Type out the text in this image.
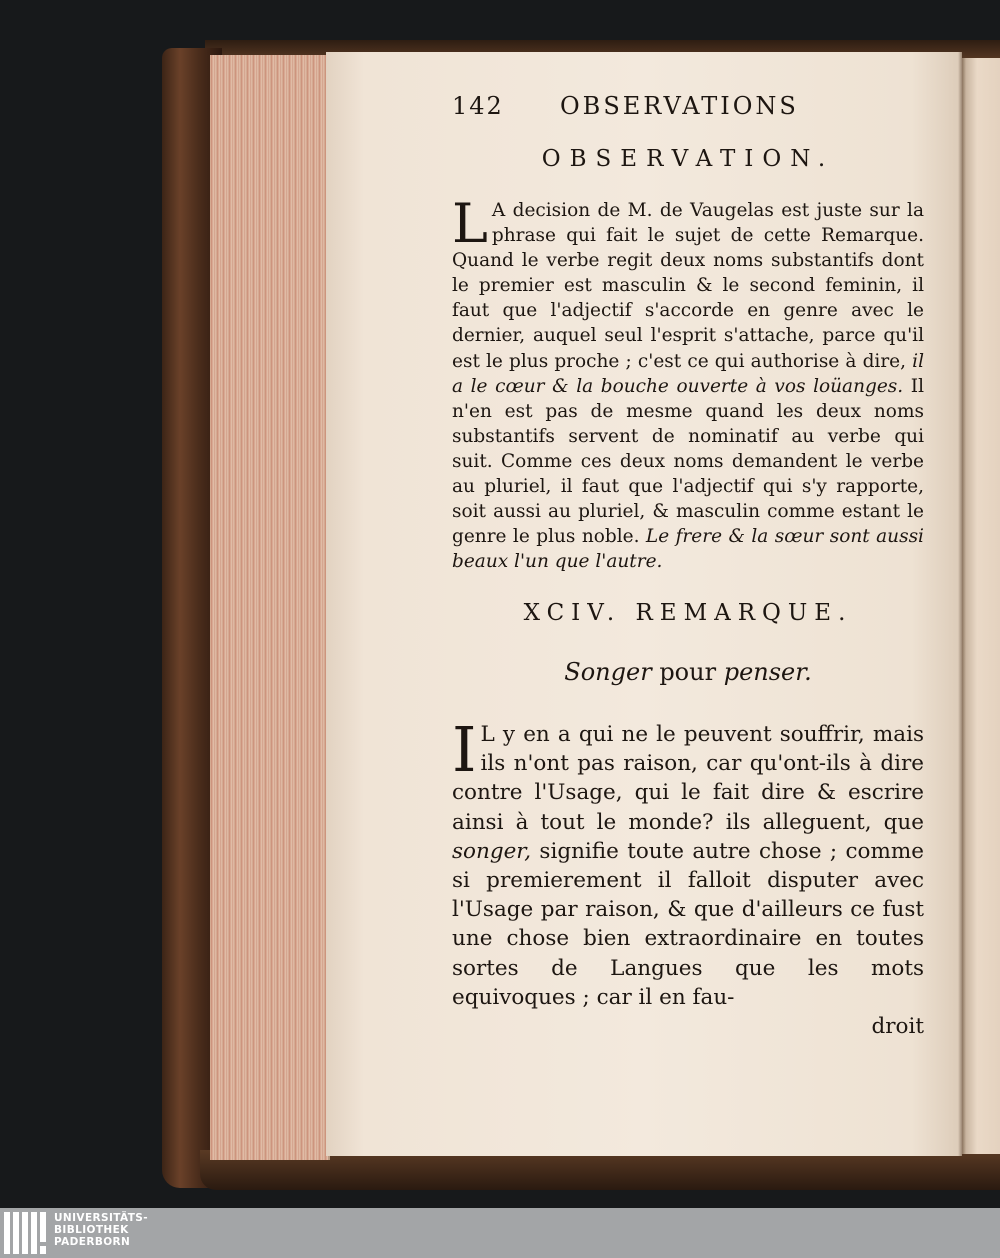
142 OBSERVATIONS
OBSERVATION.
L A decision de M. de Vaugelas est juste sur la phrase qui fait le sujet de cette Remarque. Quand le verbe regit deux noms substantifs dont le premier est masculin & le second feminin, il faut que l'adjectif s'accorde en genre avec le dernier, auquel seul l'esprit s'attache, parce qu'il est le plus proche ; c'est ce qui authorise à dire, il a le cœur & la bouche ouverte à vos loüanges. Il n'en est pas de mesme quand les deux noms substantifs servent de nominatif au verbe qui suit. Comme ces deux noms demandent le verbe au pluriel, il faut que l'adjectif qui s'y rapporte, soit aussi au pluriel, & masculin comme estant le genre le plus noble. Le frere & la sœur sont aussi beaux l'un que l'autre.
XCIV. REMARQUE.
Songer pour penser.
I L y en a qui ne le peuvent souffrir, mais ils n'ont pas raison, car qu'ont-ils à dire contre l'Usage, qui le fait dire & escrire ainsi à tout le monde? ils alleguent, que songer, signifie toute autre chose ; comme si premierement il falloit disputer avec l'Usage par raison, & que d'ailleurs ce fust une chose bien extraordinaire en toutes sortes de Langues que les mots equivoques ; car il en fau-
droit
UNIVERSITÄTS-
BIBLIOTHEK
PADERBORN
